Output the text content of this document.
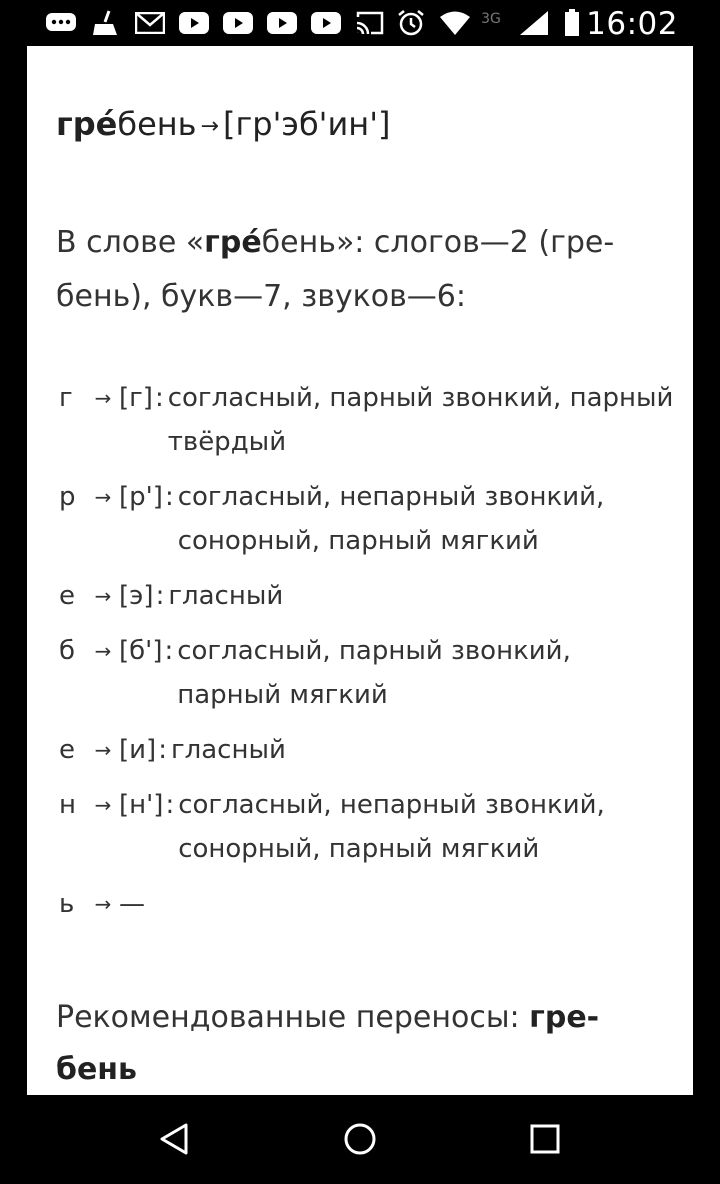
3G	16:02
гре́бень → [гр'эб'ин']
В слове «гре́бень»: слогов—2 (гре-бень), букв—7, звуков—6:
г	→ [г] : согласный, парный звонкий, парный твёрдый
р → [р'] : согласный, непарный звонкий, сонорный, парный мягкий
е → [э] : гласный
б → [б'] : согласный, парный звонкий, парный мягкий
е → [и] : гласный
н → [н'] : согласный, непарный звонкий, сонорный, парный мягкий
ь	→ —
Рекомендованные переносы: гре-бень
